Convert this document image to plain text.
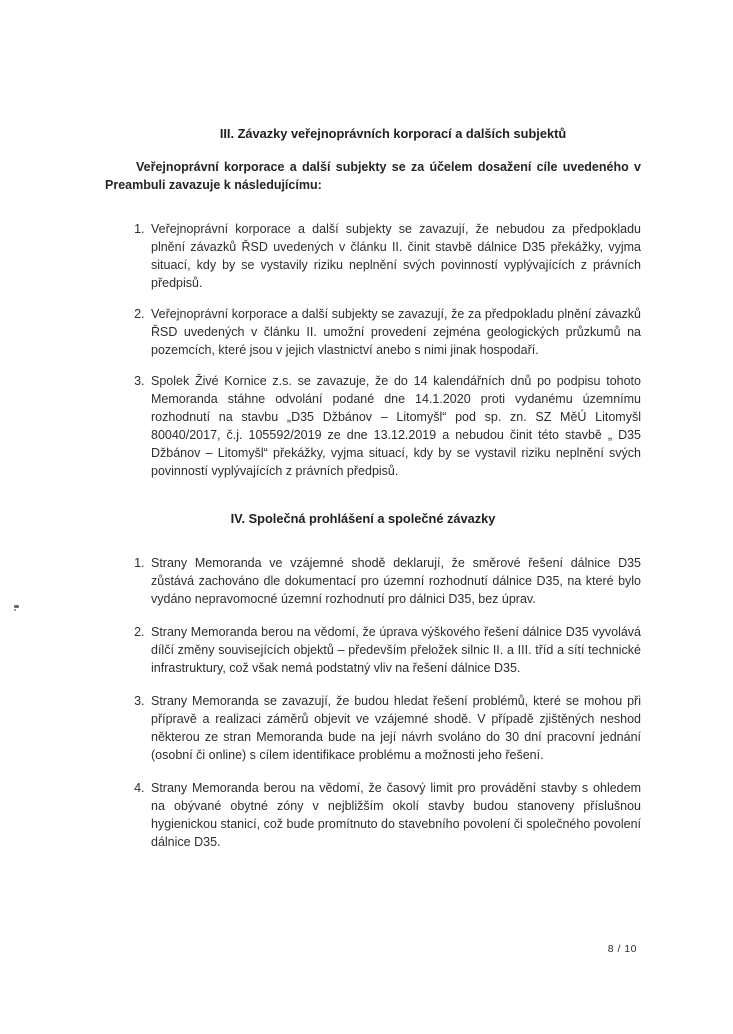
III. Závazky veřejnoprávních korporací a dalších subjektů

Veřejnoprávní korporace a další subjekty se za účelem dosažení cíle uvedeného v Preambuli zavazuje k následujícímu:

1. Veřejnoprávní korporace a další subjekty se zavazují, že nebudou za předpokladu plnění závazků ŘSD uvedených v článku II. činit stavbě dálnice D35 překážky, vyjma situací, kdy by se vystavily riziku neplnění svých povinností vyplývajících z právních předpisů.
2. Veřejnoprávní korporace a další subjekty se zavazují, že za předpokladu plnění závazků ŘSD uvedených v článku II. umožní provedení zejména geologických průzkumů na pozemcích, které jsou v jejich vlastnictví anebo s nimi jinak hospodaří.
3. Spolek Živé Kornice z.s. se zavazuje, že do 14 kalendářních dnů po podpisu tohoto Memoranda stáhne odvolání podané dne 14.1.2020 proti vydanému územnímu rozhodnutí na stavbu „D35 Džbánov – Litomyšl“ pod sp. zn. SZ MěÚ Litomyšl 80040/2017, č.j. 105592/2019 ze dne 13.12.2019 a nebudou činit této stavbě „ D35 Džbánov – Litomyšl“ překážky, vyjma situací, kdy by se vystavil riziku neplnění svých povinností vyplývajících z právních předpisů.
IV. Společná prohlášení a společné závazky
1. Strany Memoranda ve vzájemné shodě deklarují, že směrové řešení dálnice D35 zůstává zachováno dle dokumentací pro územní rozhodnutí dálnice D35, na které bylo vydáno nepravomocné územní rozhodnutí pro dálnici D35, bez úprav.
2. Strany Memoranda berou na vědomí, že úprava výškového řešení dálnice D35 vyvolává dílčí změny souvisejících objektů – především přeložek silnic II. a III. tříd a sítí technické infrastruktury, což však nemá podstatný vliv na řešení dálnice D35.
3. Strany Memoranda se zavazují, že budou hledat řešení problémů, které se mohou při přípravě a realizaci záměrů objevit ve vzájemné shodě. V případě zjištěných neshod některou ze stran Memoranda bude na její návrh svoláno do 30 dní pracovní jednání (osobní či online) s cílem identifikace problému a možnosti jeho řešení.
4. Strany Memoranda berou na vědomí, že časový limit pro provádění stavby s ohledem na obývané obytné zóny v nejbližším okolí stavby budou stanoveny příslušnou hygienickou stanicí, což bude promítnuto do stavebního povolení či společného povolení dálnice D35.
8 / 10
